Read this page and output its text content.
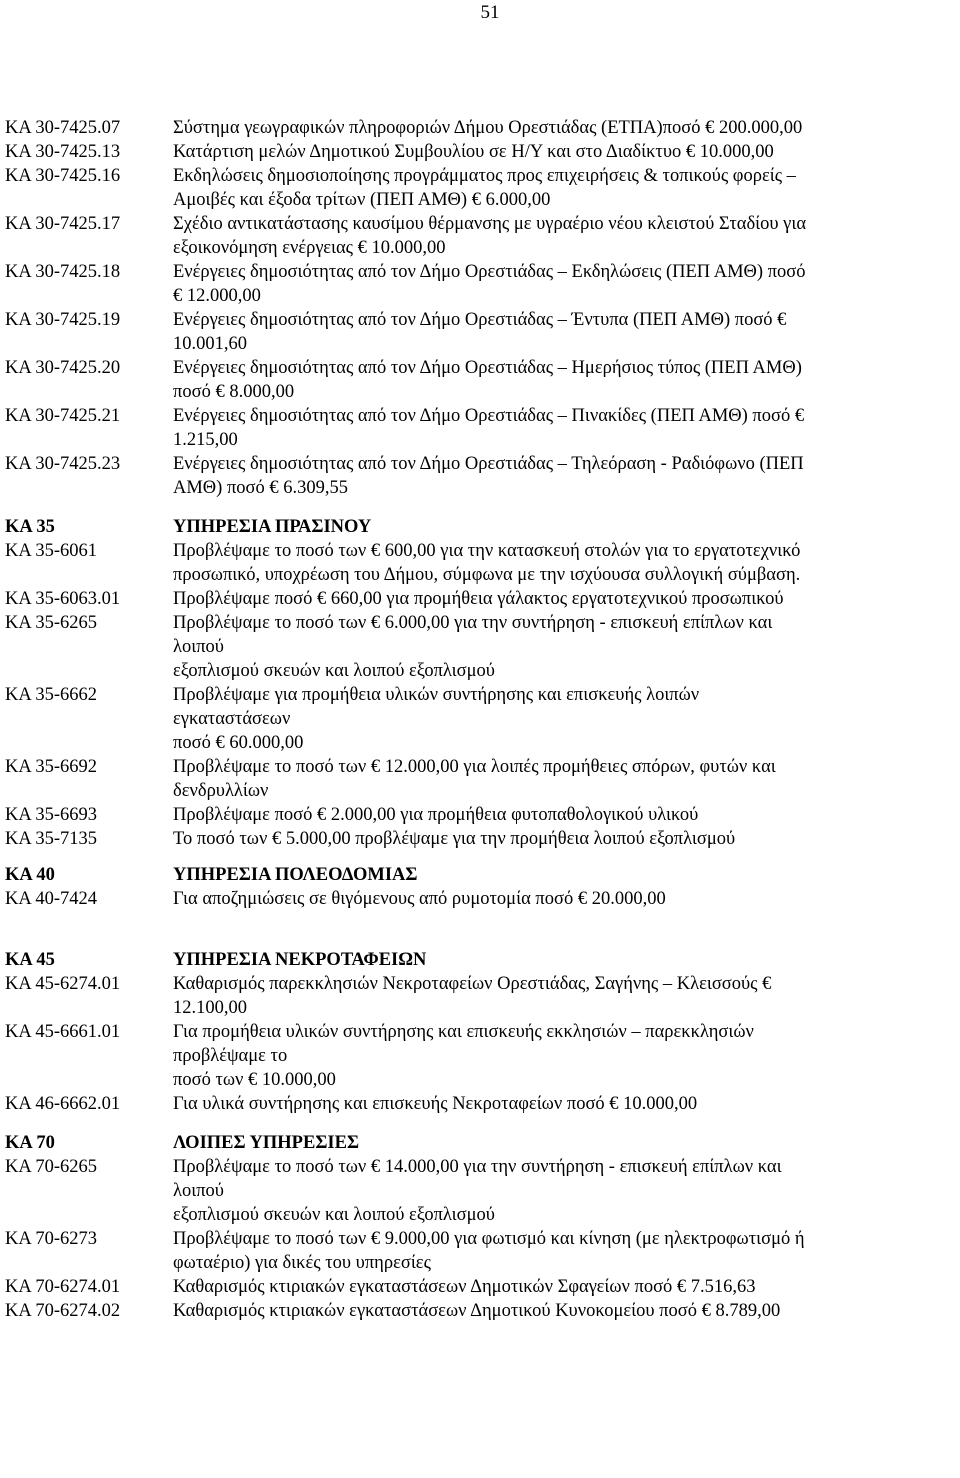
51
ΚΑ 30-7425.07	Σύστημα γεωγραφικών πληροφοριών Δήμου Ορεστιάδας (ΕΤΠΑ)ποσό € 200.000,00
ΚΑ 30-7425.13	Κατάρτιση μελών Δημοτικού Συμβουλίου σε Η/Υ και στο Διαδίκτυο € 10.000,00
ΚΑ 30-7425.16	Εκδηλώσεις δημοσιοποίησης προγράμματος προς επιχειρήσεις & τοπικούς φορείς –
Αμοιβές και έξοδα τρίτων (ΠΕΠ ΑΜΘ) € 6.000,00
ΚΑ 30-7425.17	Σχέδιο αντικατάστασης καυσίμου θέρμανσης με υγραέριο νέου κλειστού Σταδίου για
εξοικονόμηση ενέργειας € 10.000,00
ΚΑ 30-7425.18	Ενέργειες δημοσιότητας από τον Δήμο Ορεστιάδας – Εκδηλώσεις (ΠΕΠ ΑΜΘ) ποσό
€ 12.000,00
ΚΑ 30-7425.19	Ενέργειες δημοσιότητας από τον Δήμο Ορεστιάδας – Έντυπα (ΠΕΠ ΑΜΘ) ποσό €
10.001,60
ΚΑ 30-7425.20	Ενέργειες δημοσιότητας από τον Δήμο Ορεστιάδας – Ημερήσιος τύπος (ΠΕΠ ΑΜΘ)
ποσό € 8.000,00
ΚΑ 30-7425.21	Ενέργειες δημοσιότητας από τον Δήμο Ορεστιάδας – Πινακίδες (ΠΕΠ ΑΜΘ) ποσό €
1.215,00
ΚΑ 30-7425.23	Ενέργειες δημοσιότητας από τον Δήμο Ορεστιάδας – Τηλεόραση - Ραδιόφωνο (ΠΕΠ
ΑΜΘ) ποσό € 6.309,55
ΚΑ 35	ΥΠΗΡΕΣΙΑ ΠΡΑΣΙΝΟΥ
ΚΑ 35-6061	Προβλέψαμε το ποσό των € 600,00 για την κατασκευή στολών για το εργατοτεχνικό
προσωπικό, υποχρέωση του Δήμου, σύμφωνα με την ισχύουσα συλλογική σύμβαση.
ΚΑ 35-6063.01	Προβλέψαμε ποσό € 660,00 για προμήθεια γάλακτος εργατοτεχνικού προσωπικού
ΚΑ 35-6265	Προβλέψαμε το ποσό των € 6.000,00 για την συντήρηση - επισκευή επίπλων και
λοιπού
εξοπλισμού σκευών και λοιπού εξοπλισμού
ΚΑ 35-6662	Προβλέψαμε για προμήθεια υλικών συντήρησης και επισκευής λοιπών
εγκαταστάσεων
ποσό € 60.000,00
ΚΑ 35-6692	Προβλέψαμε το ποσό των € 12.000,00 για λοιπές προμήθειες σπόρων, φυτών και
δενδρυλλίων
ΚΑ 35-6693	Προβλέψαμε ποσό € 2.000,00 για προμήθεια φυτοπαθολογικού υλικού
ΚΑ 35-7135	Το ποσό των € 5.000,00 προβλέψαμε για την προμήθεια λοιπού εξοπλισμού
ΚΑ 40	ΥΠΗΡΕΣΙΑ ΠΟΛΕΟΔΟΜΙΑΣ
ΚΑ 40-7424	Για αποζημιώσεις σε θιγόμενους από ρυμοτομία ποσό € 20.000,00
ΚΑ 45	ΥΠΗΡΕΣΙΑ ΝΕΚΡΟΤΑΦΕΙΩΝ
ΚΑ 45-6274.01	Καθαρισμός παρεκκλησιών Νεκροταφείων Ορεστιάδας, Σαγήνης – Κλεισσούς €
12.100,00
ΚΑ 45-6661.01	Για προμήθεια υλικών συντήρησης και επισκευής εκκλησιών – παρεκκλησιών
προβλέψαμε το
ποσό των € 10.000,00
ΚΑ 46-6662.01	Για υλικά συντήρησης και επισκευής Νεκροταφείων ποσό € 10.000,00
ΚΑ 70	ΛΟΙΠΕΣ ΥΠΗΡΕΣΙΕΣ
ΚΑ 70-6265	Προβλέψαμε το ποσό των € 14.000,00 για την συντήρηση - επισκευή επίπλων και
λοιπού
εξοπλισμού σκευών και λοιπού εξοπλισμού
ΚΑ 70-6273	Προβλέψαμε το ποσό των € 9.000,00 για φωτισμό και κίνηση (με ηλεκτροφωτισμό ή
φωταέριο) για δικές του υπηρεσίες
ΚΑ 70-6274.01	Καθαρισμός κτιριακών εγκαταστάσεων Δημοτικών Σφαγείων ποσό € 7.516,63
ΚΑ 70-6274.02	Καθαρισμός κτιριακών εγκαταστάσεων Δημοτικού Κυνοκομείου ποσό € 8.789,00
